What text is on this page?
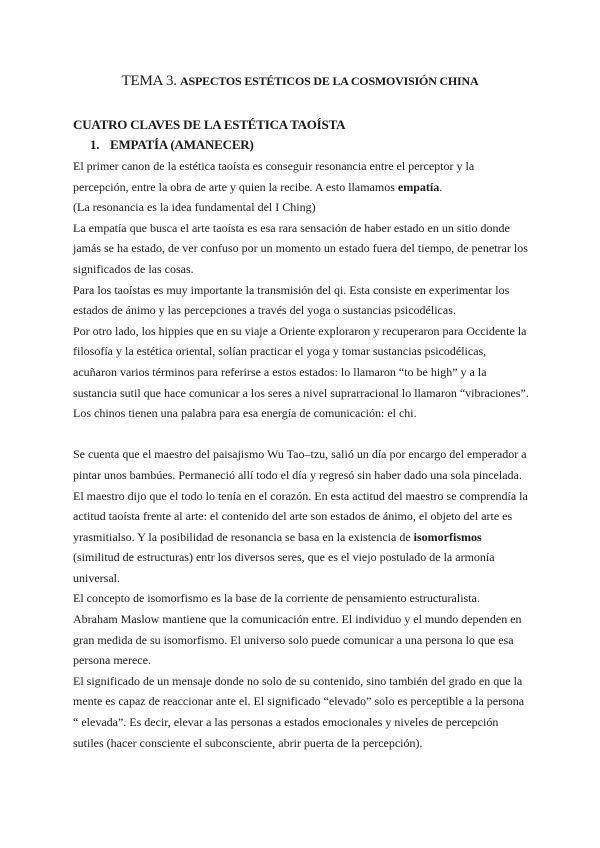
TEMA 3. ASPECTOS ESTÉTICOS DE LA COSMOVISIÓN CHINA
CUATRO CLAVES DE LA ESTÉTICA TAOÍSTA
1. EMPATÍA (AMANECER)

El primer canon de la estética taoísta es conseguir resonancia entre el perceptor y la percepción, entre la obra de arte y quien la recibe. A esto llamamos empatía.

(La resonancia es la idea fundamental del I Ching)

La empatía que busca el arte taoísta es esa rara sensación de haber estado en un sitio donde jamás se ha estado, de ver confuso por un momento un estado fuera del tiempo, de penetrar los significados de las cosas.

Para los taoístas es muy importante la transmisión del qi. Esta consiste en experimentar los estados de ánimo y las percepciones a través del yoga o sustancias psicodélicas.

Por otro lado, los hippies que en su viaje a Oriente exploraron y recuperaron para Occidente la filosofía y la estética oriental, solían practicar el yoga y tomar sustancias psicodélicas, acuñaron varios términos para referirse a estos estados: lo llamaron “to be high” y a la sustancia sutil que hace comunicar a los seres a nivel suprarracional lo llamaron “vibraciones”. Los chinos tienen una palabra para esa energía de comunicación: el chi.

Se cuenta que el maestro del paisajismo Wu Tao–tzu, salió un día por encargo del emperador a pintar unos bambúes. Permaneció allí todo el día y regresó sin haber dado una sola pincelada. El maestro dijo que el todo lo tenía en el corazón. En esta actitud del maestro se comprendía la actitud taoísta frente al arte: el contenido del arte son estados de ánimo, el objeto del arte es yrasmitialso. Y la posibilidad de resonancia se basa en la existencia de isomorfismos (similitud de estructuras) entr los diversos seres, que es el viejo postulado de la armonía universal.

El concepto de isomorfismo es la base de la corriente de pensamiento estructuralista.

Abraham Maslow mantiene que la comunicación entre. El individuo y el mundo dependen en gran medida de su isomorfismo. El universo solo puede comunicar a una persona lo que esa persona merece.

El significado de un mensaje donde no solo de su contenido, sino también del grado en que la mente es capaz de reaccionar ante el. El significado “elevado” solo es perceptible a la persona “ elevada”. Es decir, elevar a las personas a estados emocionales y niveles de percepción sutiles (hacer consciente el subconsciente, abrir puerta de la percepción).
